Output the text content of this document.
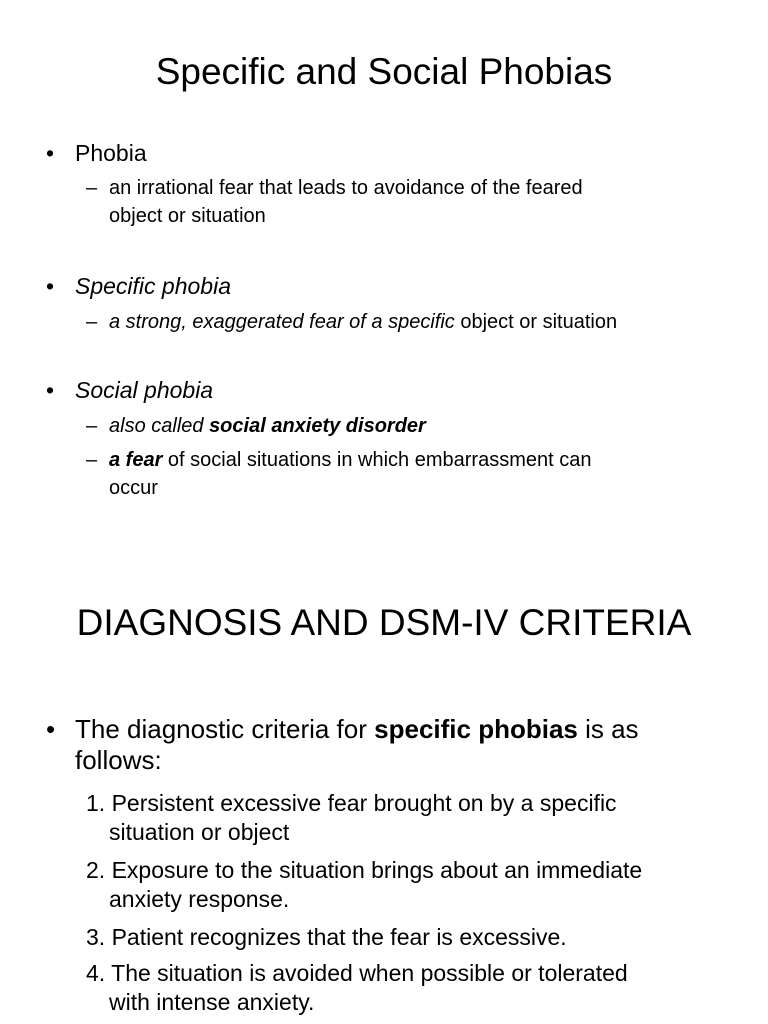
Specific and Social Phobias
• Phobia
– an irrational fear that leads to avoidance of the feared
object or situation
• Specific phobia
– a strong, exaggerated fear of a specific object or situation
• Social phobia
– also called social anxiety disorder
– a fear of social situations in which embarrassment can
occur
DIAGNOSIS AND DSM-IV CRITERIA
• The diagnostic criteria for specific phobias is as
follows:
1. Persistent excessive fear brought on by a specific
situation or object
2. Exposure to the situation brings about an immediate
anxiety response.
3. Patient recognizes that the fear is excessive.
4. The situation is avoided when possible or tolerated
with intense anxiety.
